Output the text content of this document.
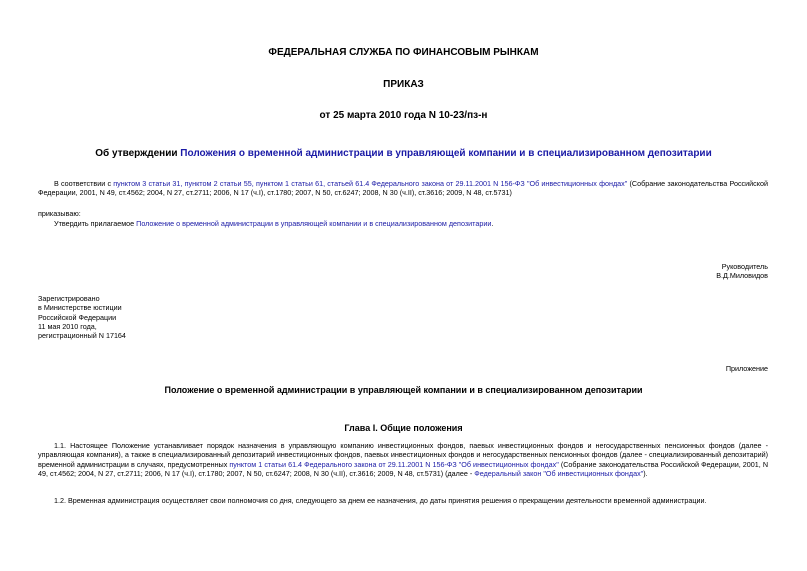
ФЕДЕРАЛЬНАЯ СЛУЖБА ПО ФИНАНСОВЫМ РЫНКАМ
ПРИКАЗ
от 25 марта 2010 года N 10-23/пз-н
Об утверждении Положения о временной администрации в управляющей компании и в специализированном депозитарии
В соответствии с пунктом 3 статьи 31, пунктом 2 статьи 55, пунктом 1 статьи 61, статьей 61.4 Федерального закона от 29.11.2001 N 156-ФЗ "Об инвестиционных фондах" (Собрание законодательства Российской Федерации, 2001, N 49, ст.4562; 2004, N 27, ст.2711; 2006, N 17 (ч.I), ст.1780; 2007, N 50, ст.6247; 2008, N 30 (ч.II), ст.3616; 2009, N 48, ст.5731)
приказываю:
Утвердить прилагаемое Положение о временной администрации в управляющей компании и в специализированном депозитарии.
Руководитель
В.Д.Миловидов
Зарегистрировано
в Министерстве юстиции
Российской Федерации
11 мая 2010 года,
регистрационный N 17164
Приложение
Положение о временной администрации в управляющей компании и в специализированном депозитарии
Глава I. Общие положения
1.1. Настоящее Положение устанавливает порядок назначения в управляющую компанию инвестиционных фондов, паевых инвестиционных фондов и негосударственных пенсионных фондов (далее - управляющая компания), а также в специализированный депозитарий инвестиционных фондов, паевых инвестиционных фондов и негосударственных пенсионных фондов (далее - специализированный депозитарий) временной администрации в случаях, предусмотренных пунктом 1 статьи 61.4 Федерального закона от 29.11.2001 N 156-ФЗ "Об инвестиционных фондах" (Собрание законодательства Российской Федерации, 2001, N 49, ст.4562; 2004, N 27, ст.2711; 2006, N 17 (ч.I), ст.1780; 2007, N 50, ст.6247; 2008, N 30 (ч.II), ст.3616; 2009, N 48, ст.5731) (далее - Федеральный закон "Об инвестиционных фондах").
1.2. Временная администрация осуществляет свои полномочия со дня, следующего за днем ее назначения, до даты принятия решения о прекращении деятельности временной администрации.
